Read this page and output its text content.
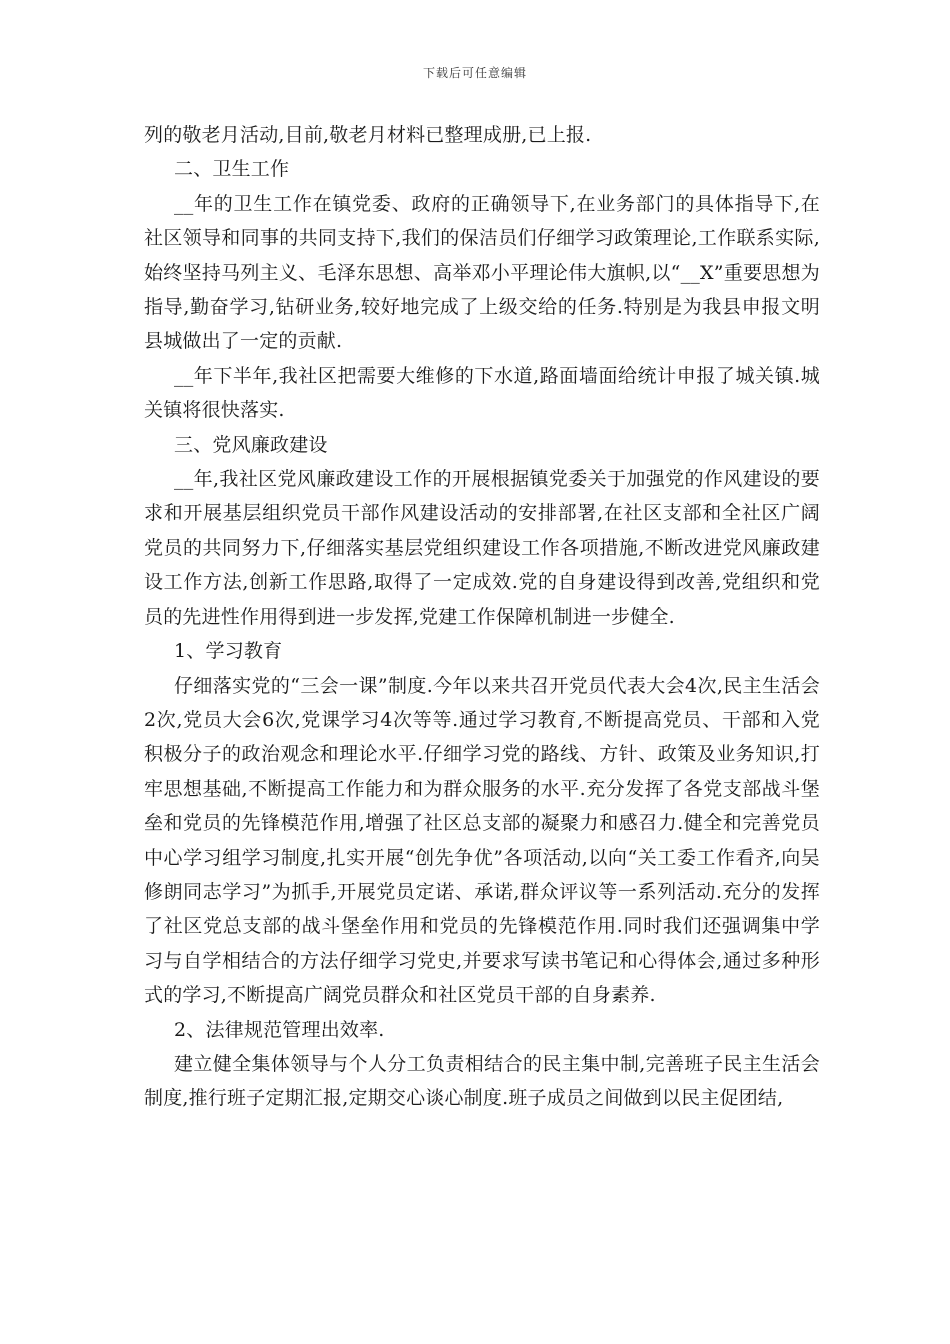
下载后可任意编辑

列的敬老月活动,目前,敬老月材料已整理成册,已上报.

二、卫生工作

__年的卫生工作在镇党委、政府的正确领导下,在业务部门的具体指导下,在社区领导和同事的共同支持下,我们的保洁员们仔细学习政策理论,工作联系实际,始终坚持马列主义、毛泽东思想、高举邓小平理论伟大旗帜,以“__X”重要思想为指导,勤奋学习,钻研业务,较好地完成了上级交给的任务.特别是为我县申报文明县城做出了一定的贡献.

__年下半年,我社区把需要大维修的下水道,路面墙面给统计申报了城关镇.城关镇将很快落实.

三、党风廉政建设

__年,我社区党风廉政建设工作的开展根据镇党委关于加强党的作风建设的要求和开展基层组织党员干部作风建设活动的安排部署,在社区支部和全社区广阔党员的共同努力下,仔细落实基层党组织建设工作各项措施,不断改进党风廉政建设工作方法,创新工作思路,取得了一定成效.党的自身建设得到改善,党组织和党员的先进性作用得到进一步发挥,党建工作保障机制进一步健全.

1、学习教育

仔细落实党的“三会一课”制度.今年以来共召开党员代表大会4次,民主生活会2次,党员大会6次,党课学习4次等等.通过学习教育,不断提高党员、干部和入党积极分子的政治观念和理论水平.仔细学习党的路线、方针、政策及业务知识,打牢思想基础,不断提高工作能力和为群众服务的水平.充分发挥了各党支部战斗堡垒和党员的先锋模范作用,增强了社区总支部的凝聚力和感召力.健全和完善党员中心学习组学习制度,扎实开展“创先争优”各项活动,以向“关工委工作看齐,向吴修朗同志学习”为抓手,开展党员定诺、承诺,群众评议等一系列活动.充分的发挥了社区党总支部的战斗堡垒作用和党员的先锋模范作用.同时我们还强调集中学习与自学相结合的方法仔细学习党史,并要求写读书笔记和心得体会,通过多种形式的学习,不断提高广阔党员群众和社区党员干部的自身素养.

2、法律规范管理出效率.

建立健全集体领导与个人分工负责相结合的民主集中制,完善班子民主生活会制度,推行班子定期汇报,定期交心谈心制度.班子成员之间做到以民主促团结,
